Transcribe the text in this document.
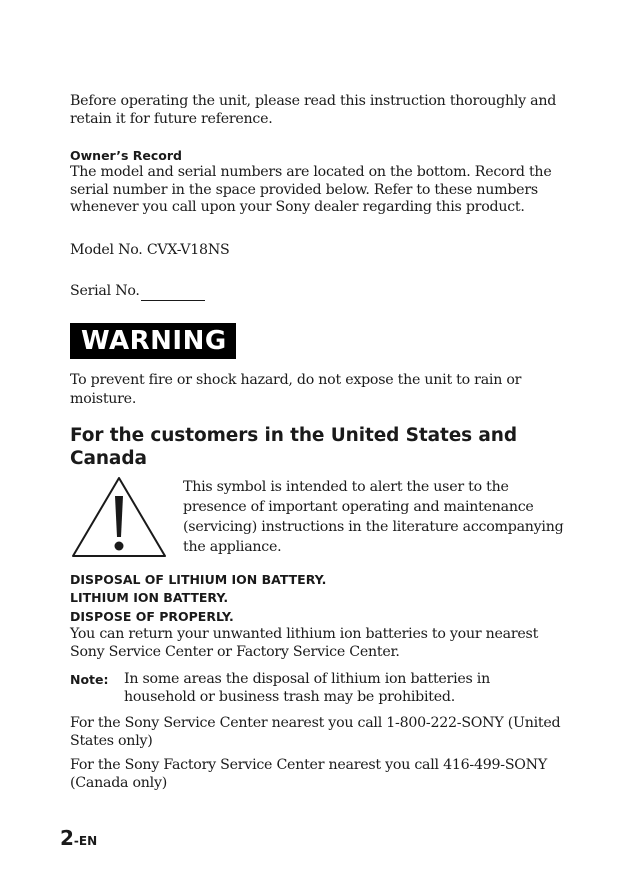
Before operating the unit, please read this instruction thoroughly and retain it for future reference.

Owner’s Record

The model and serial numbers are located on the bottom. Record the serial number in the space provided below. Refer to these numbers whenever you call upon your Sony dealer regarding this product.

Model No. CVX-V18NS

Serial No.

WARNING

To prevent fire or shock hazard, do not expose the unit to rain or moisture.

For the customers in the United States and Canada

This symbol is intended to alert the user to the presence of important operating and maintenance (servicing) instructions in the literature accompanying the appliance.

DISPOSAL OF LITHIUM ION BATTERY.
LITHIUM ION BATTERY.
DISPOSE OF PROPERLY.

You can return your unwanted lithium ion batteries to your nearest Sony Service Center or Factory Service Center.

Note: In some areas the disposal of lithium ion batteries in household or business trash may be prohibited.

For the Sony Service Center nearest you call 1-800-222-SONY (United States only)

For the Sony Factory Service Center nearest you call 416-499-SONY (Canada only)

2-EN
